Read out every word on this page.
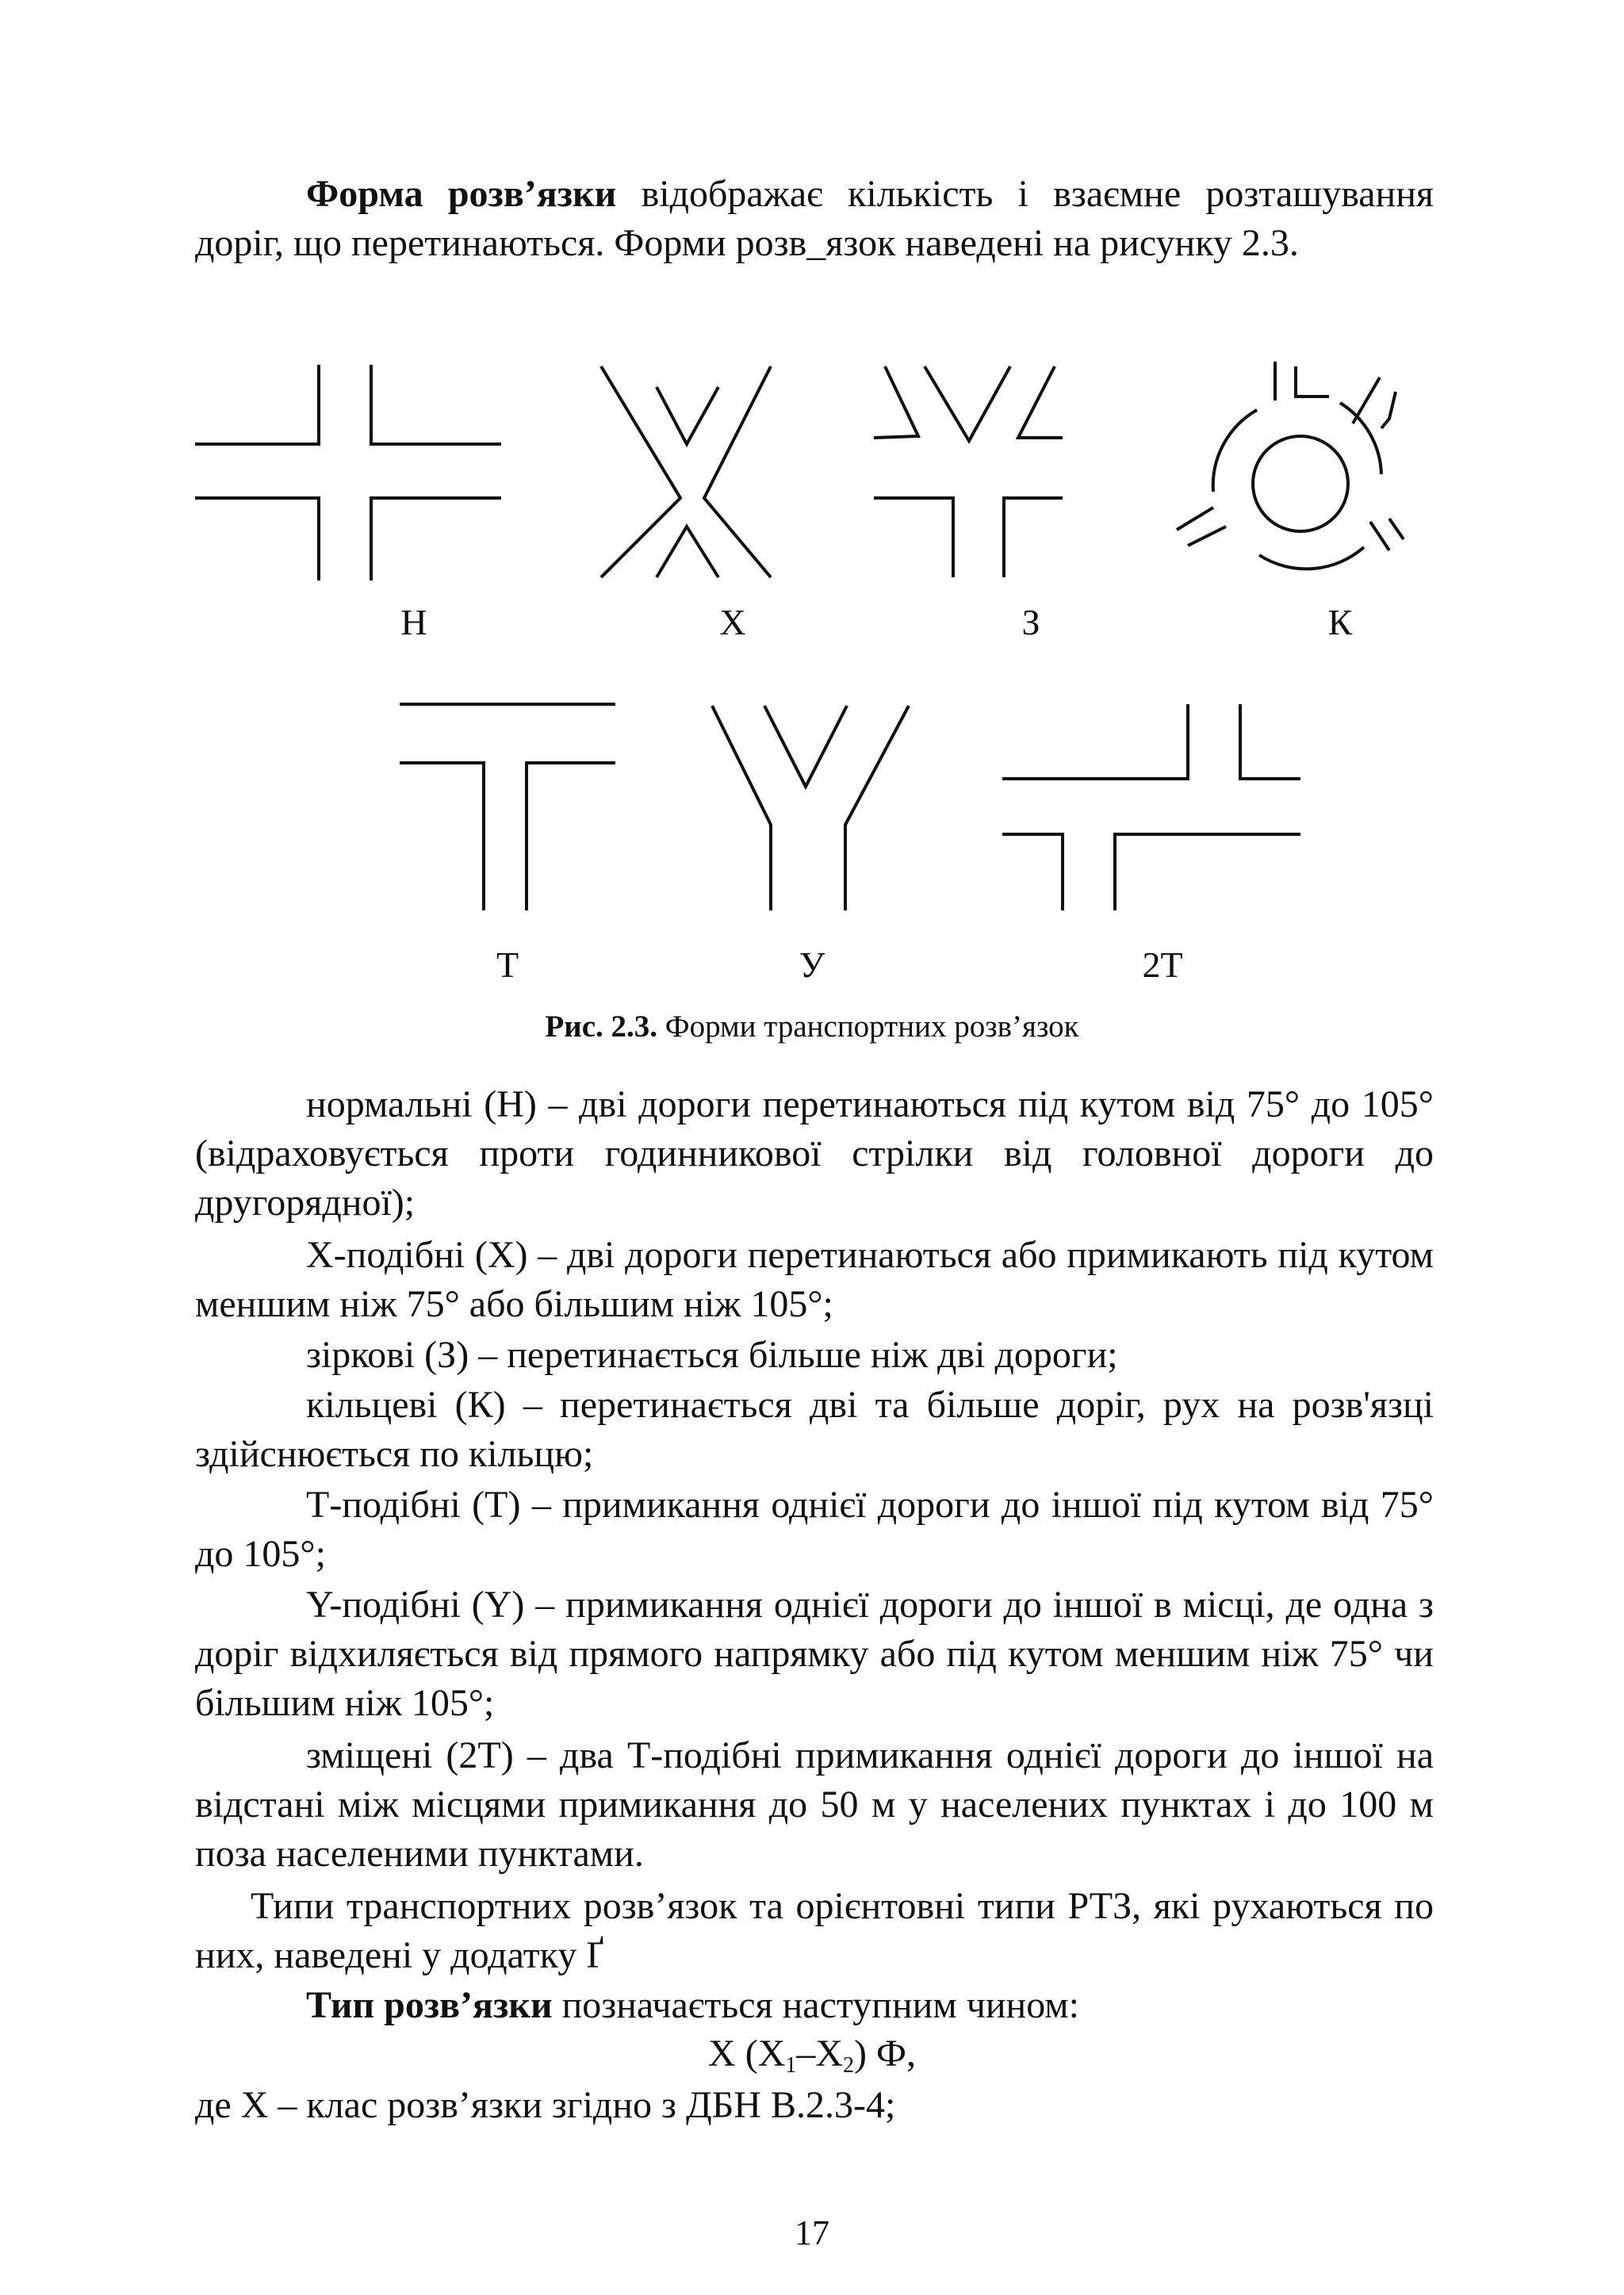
Форма розв’язки відображає кількість і взаємне розташування доріг, що перетинаються. Форми розв_язок наведені на рисунку 2.3.

Н	Х	З	К
Т	У	2Т
Рис. 2.3. Форми транспортних розв’язок

нормальні (Н) – дві дороги перетинаються під кутом від 75° до 105° (відраховується проти годинникової стрілки від головної дороги до другорядної);

Х-подібні (Х) – дві дороги перетинаються або примикають під кутом меншим ніж 75° або більшим ніж 105°;

зіркові (З) – перетинається більше ніж дві дороги;

кільцеві (К) – перетинається дві та більше доріг, рух на розв'язці здійснюється по кільцю;

Т-подібні (Т) – примикання однієї дороги до іншої під кутом від 75° до 105°;

Y-подібні (Y) – примикання однієї дороги до іншої в місці, де одна з доріг відхиляється від прямого напрямку або під кутом меншим ніж 75° чи більшим ніж 105°;

зміщені (2Т) – два Т-подібні примикання однієї дороги до іншої на відстані між місцями примикання до 50 м у населених пунктах і до 100 м поза населеними пунктами.

Типи транспортних розв’язок та орієнтовні типи РТЗ, які рухаються по них, наведені у додатку Ґ

Тип розв’язки позначається наступним чином:

Х $(Х_1-Х_2)$ Ф,

де Х – клас розв’язки згідно з ДБН В.2.3-4;

17
